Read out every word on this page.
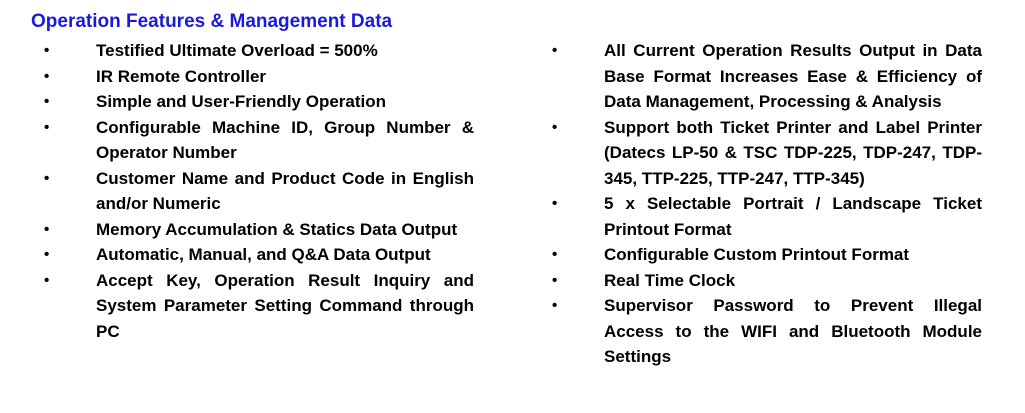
Operation Features & Management Data
•	Testified Ultimate Overload = 500%
•	IR Remote Controller
•	Simple and User-Friendly Operation
•	Configurable Machine ID, Group Number & Operator Number
•	Customer Name and Product Code in English and/or Numeric
•	Memory Accumulation & Statics Data Output
•	Automatic, Manual, and Q&A Data Output
•	Accept Key, Operation Result Inquiry and System Parameter Setting Command through PC
•	All Current Operation Results Output in Data Base Format Increases Ease & Efficiency of Data Management, Processing & Analysis
•	Support both Ticket Printer and Label Printer (Datecs LP-50 & TSC TDP-225, TDP-247, TDP-345, TTP-225, TTP-247, TTP-345)
•	5 x Selectable Portrait / Landscape Ticket Printout Format
•	Configurable Custom Printout Format
•	Real Time Clock
•	Supervisor Password to Prevent Illegal Access to the WIFI and Bluetooth Module Settings
